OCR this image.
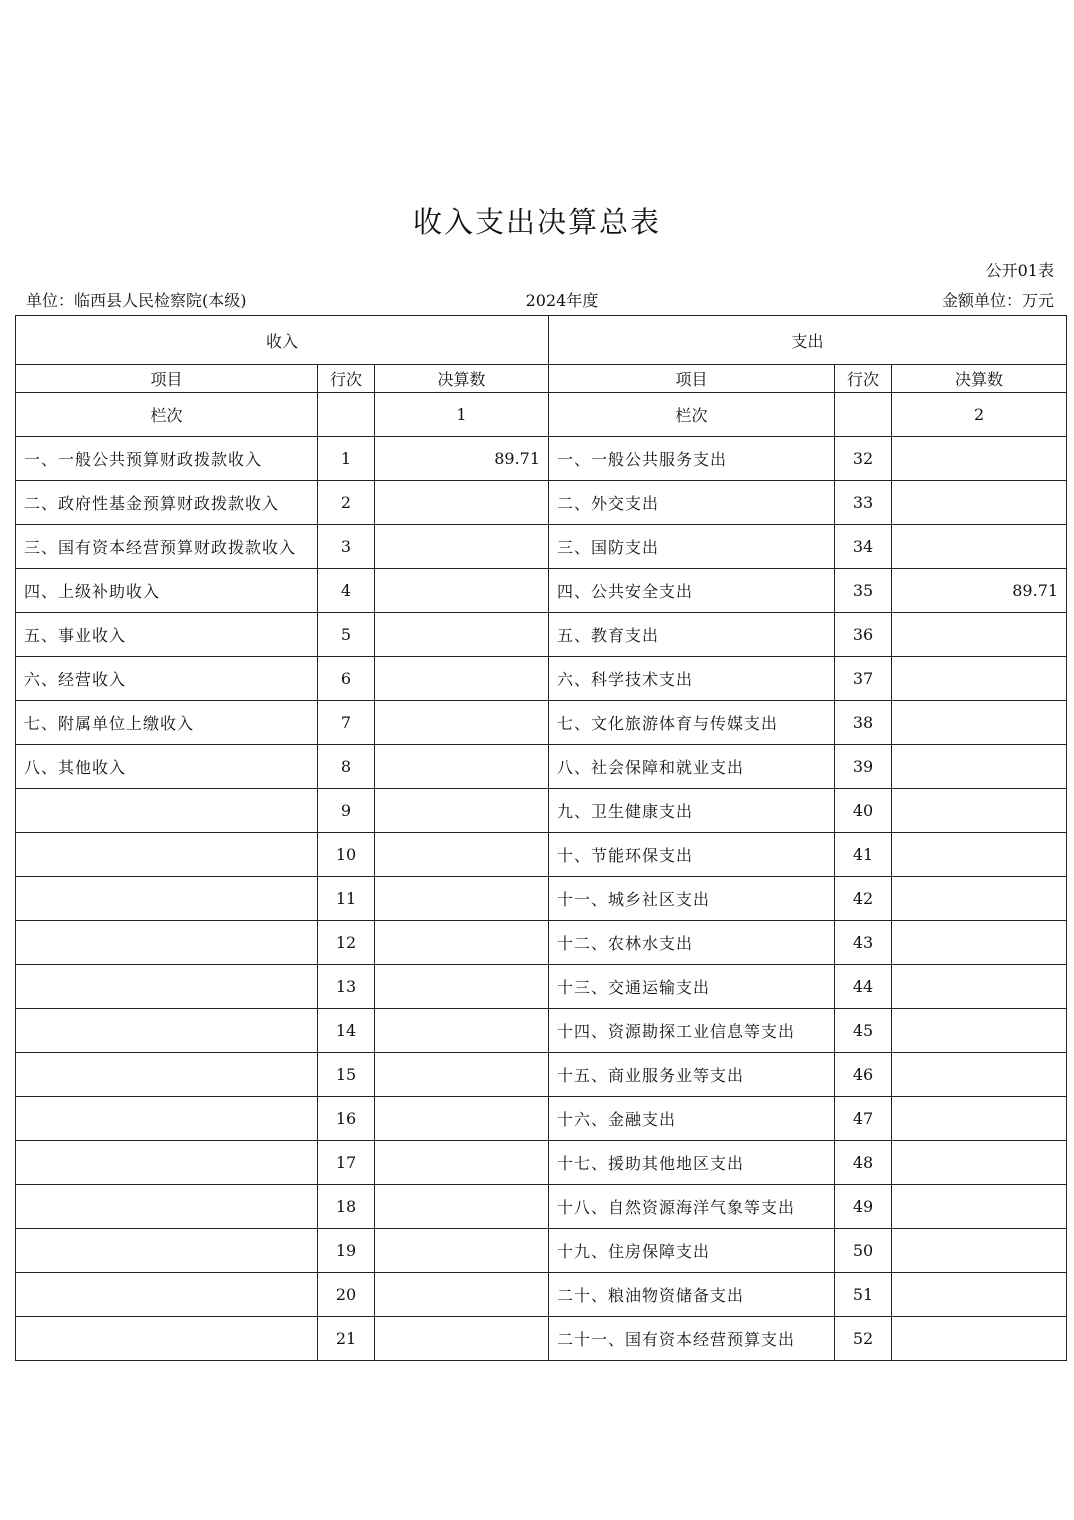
收入支出决算总表
公开01表
单位：临西县人民检察院(本级)	2024年度	金额单位：万元
收入			支出		
项目	行次	决算数	项目	行次	决算数
栏次		1	栏次		2
一、一般公共预算财政拨款收入	1	89.71	一、一般公共服务支出	32	
二、政府性基金预算财政拨款收入	2		二、外交支出	33	
三、国有资本经营预算财政拨款收入	3		三、国防支出	34	
四、上级补助收入	4		四、公共安全支出	35	89.71
五、事业收入	5		五、教育支出	36	
六、经营收入	6		六、科学技术支出	37	
七、附属单位上缴收入	7		七、文化旅游体育与传媒支出	38	
八、其他收入	8		八、社会保障和就业支出	39	
	9		九、卫生健康支出	40	
	10		十、节能环保支出	41	
	11		十一、城乡社区支出	42	
	12		十二、农林水支出	43	
	13		十三、交通运输支出	44	
	14		十四、资源勘探工业信息等支出	45	
	15		十五、商业服务业等支出	46	
	16		十六、金融支出	47	
	17		十七、援助其他地区支出	48	
	18		十八、自然资源海洋气象等支出	49	
	19		十九、住房保障支出	50	
	20		二十、粮油物资储备支出	51	
	21		二十一、国有资本经营预算支出	52	
